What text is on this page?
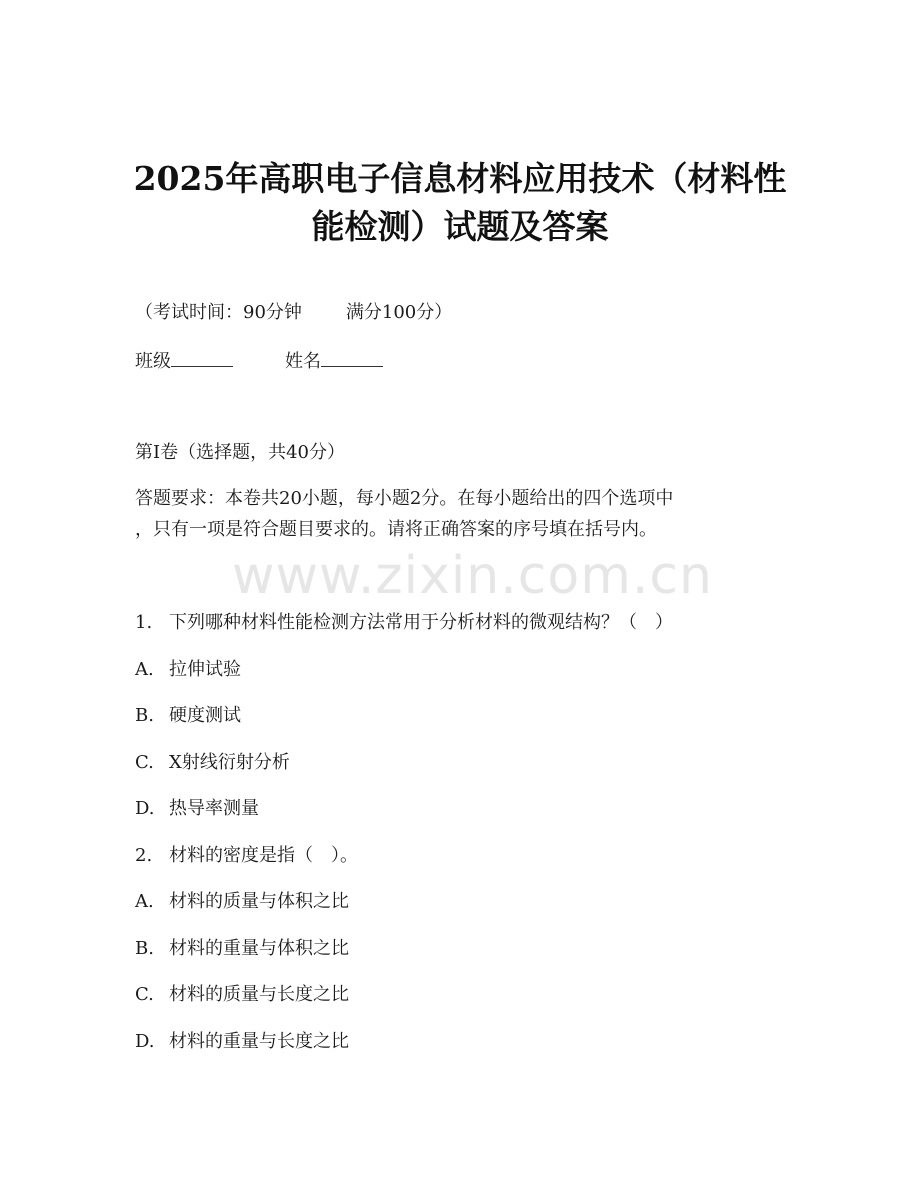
2025年高职电子信息材料应用技术（材料性
能检测）试题及答案
（考试时间：90分钟 满分100分）
班级	姓名
第Ⅰ卷（选择题，共40分）
答题要求：本卷共20小题，每小题2分。在每小题给出的四个选项中
，只有一项是符合题目要求的。请将正确答案的序号填在括号内。
www.zixin.com.cn
1. 下列哪种材料性能检测方法常用于分析材料的微观结构？（　）
A. 拉伸试验
B. 硬度测试
C. X射线衍射分析
D. 热导率测量
2. 材料的密度是指（　）。
A. 材料的质量与体积之比
B. 材料的重量与体积之比
C. 材料的质量与长度之比
D. 材料的重量与长度之比
